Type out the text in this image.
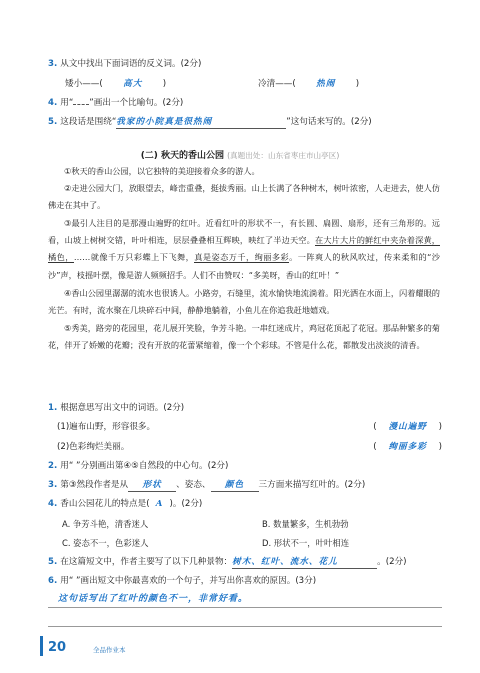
3. 从文中找出下面词语的反义词。(2分)
矮小——( 高大 )	冷清——( 热闹 )
4. 用“ ”画出一个比喻句。(2分)
5. 这段话是围绕“我家的小院真是很热闹	”这句话来写的。(2分)
(二) 秋天的香山公园 (真题出处：山东省枣庄市山亭区)
①秋天的香山公园，以它独特的美迎接着众多的游人。
②走进公园大门，放眼望去，峰峦重叠，挺拔秀丽。山上长满了各种树木，树叶浓密，人走进去，使人仿佛走在其中了。
③最引人注目的是那漫山遍野的红叶。近看红叶的形状不一，有长圆、扁圆、扇形，还有三角形的。远看，山坡上树树交错，叶叶相连，层层叠叠相互辉映，映红了半边天空。在大片大片的鲜红中夹杂着深黄，橘色，……就像千万只彩蝶上下飞舞，真是姿态万千，绚丽多彩。一阵爽人的秋风吹过，传来柔和的“沙沙”声，枝摇叶摆，像是游人频频招手。人们不由赞叹：“多美呀，香山的红叶！”
④香山公园里潺潺的流水也很诱人。小路旁，石缝里，流水愉快地流淌着。阳光洒在水面上，闪着耀眼的光芒。有时，流水聚在几块碎石中间，静静地躺着，小鱼儿在你追我赶地嬉戏。
⑤秀美，路旁的花园里，花儿展开笑脸，争芳斗艳。一串红迷成片，鸡冠花顶起了花冠。那品种繁多的菊花，伴开了娇嫩的花瓣；没有开放的花蕾紧缩着，像一个个彩球。不管是什么花，都散发出淡淡的清香。
1. 根据意思写出文中的词语。(2分)
(1)遍布山野，形容很多。	( 漫山遍野 )
(2)色彩绚烂美丽。	( 绚丽多彩 )
2. 用“ ”分别画出第④⑤自然段的中心句。(2分)
3. 第③然段作者是从 形状 、姿态、 颜色 三方面来描写红叶的。(2分)
4. 香山公园花儿的特点是( A )。(2分)
A. 争芳斗艳，清香迷人	B. 数量繁多，生机勃勃
C. 姿态不一，色彩迷人	D. 形状不一，叶叶相连
5. 在这篇短文中，作者主要写了以下几种景物：树木、红叶、流水、花儿	。(2分)
6. 用“ ”画出短文中你最喜欢的一个句子，并写出你喜欢的原因。(3分)
这句话写出了红叶的颜色不一，非常好看。
20	全品作业本
